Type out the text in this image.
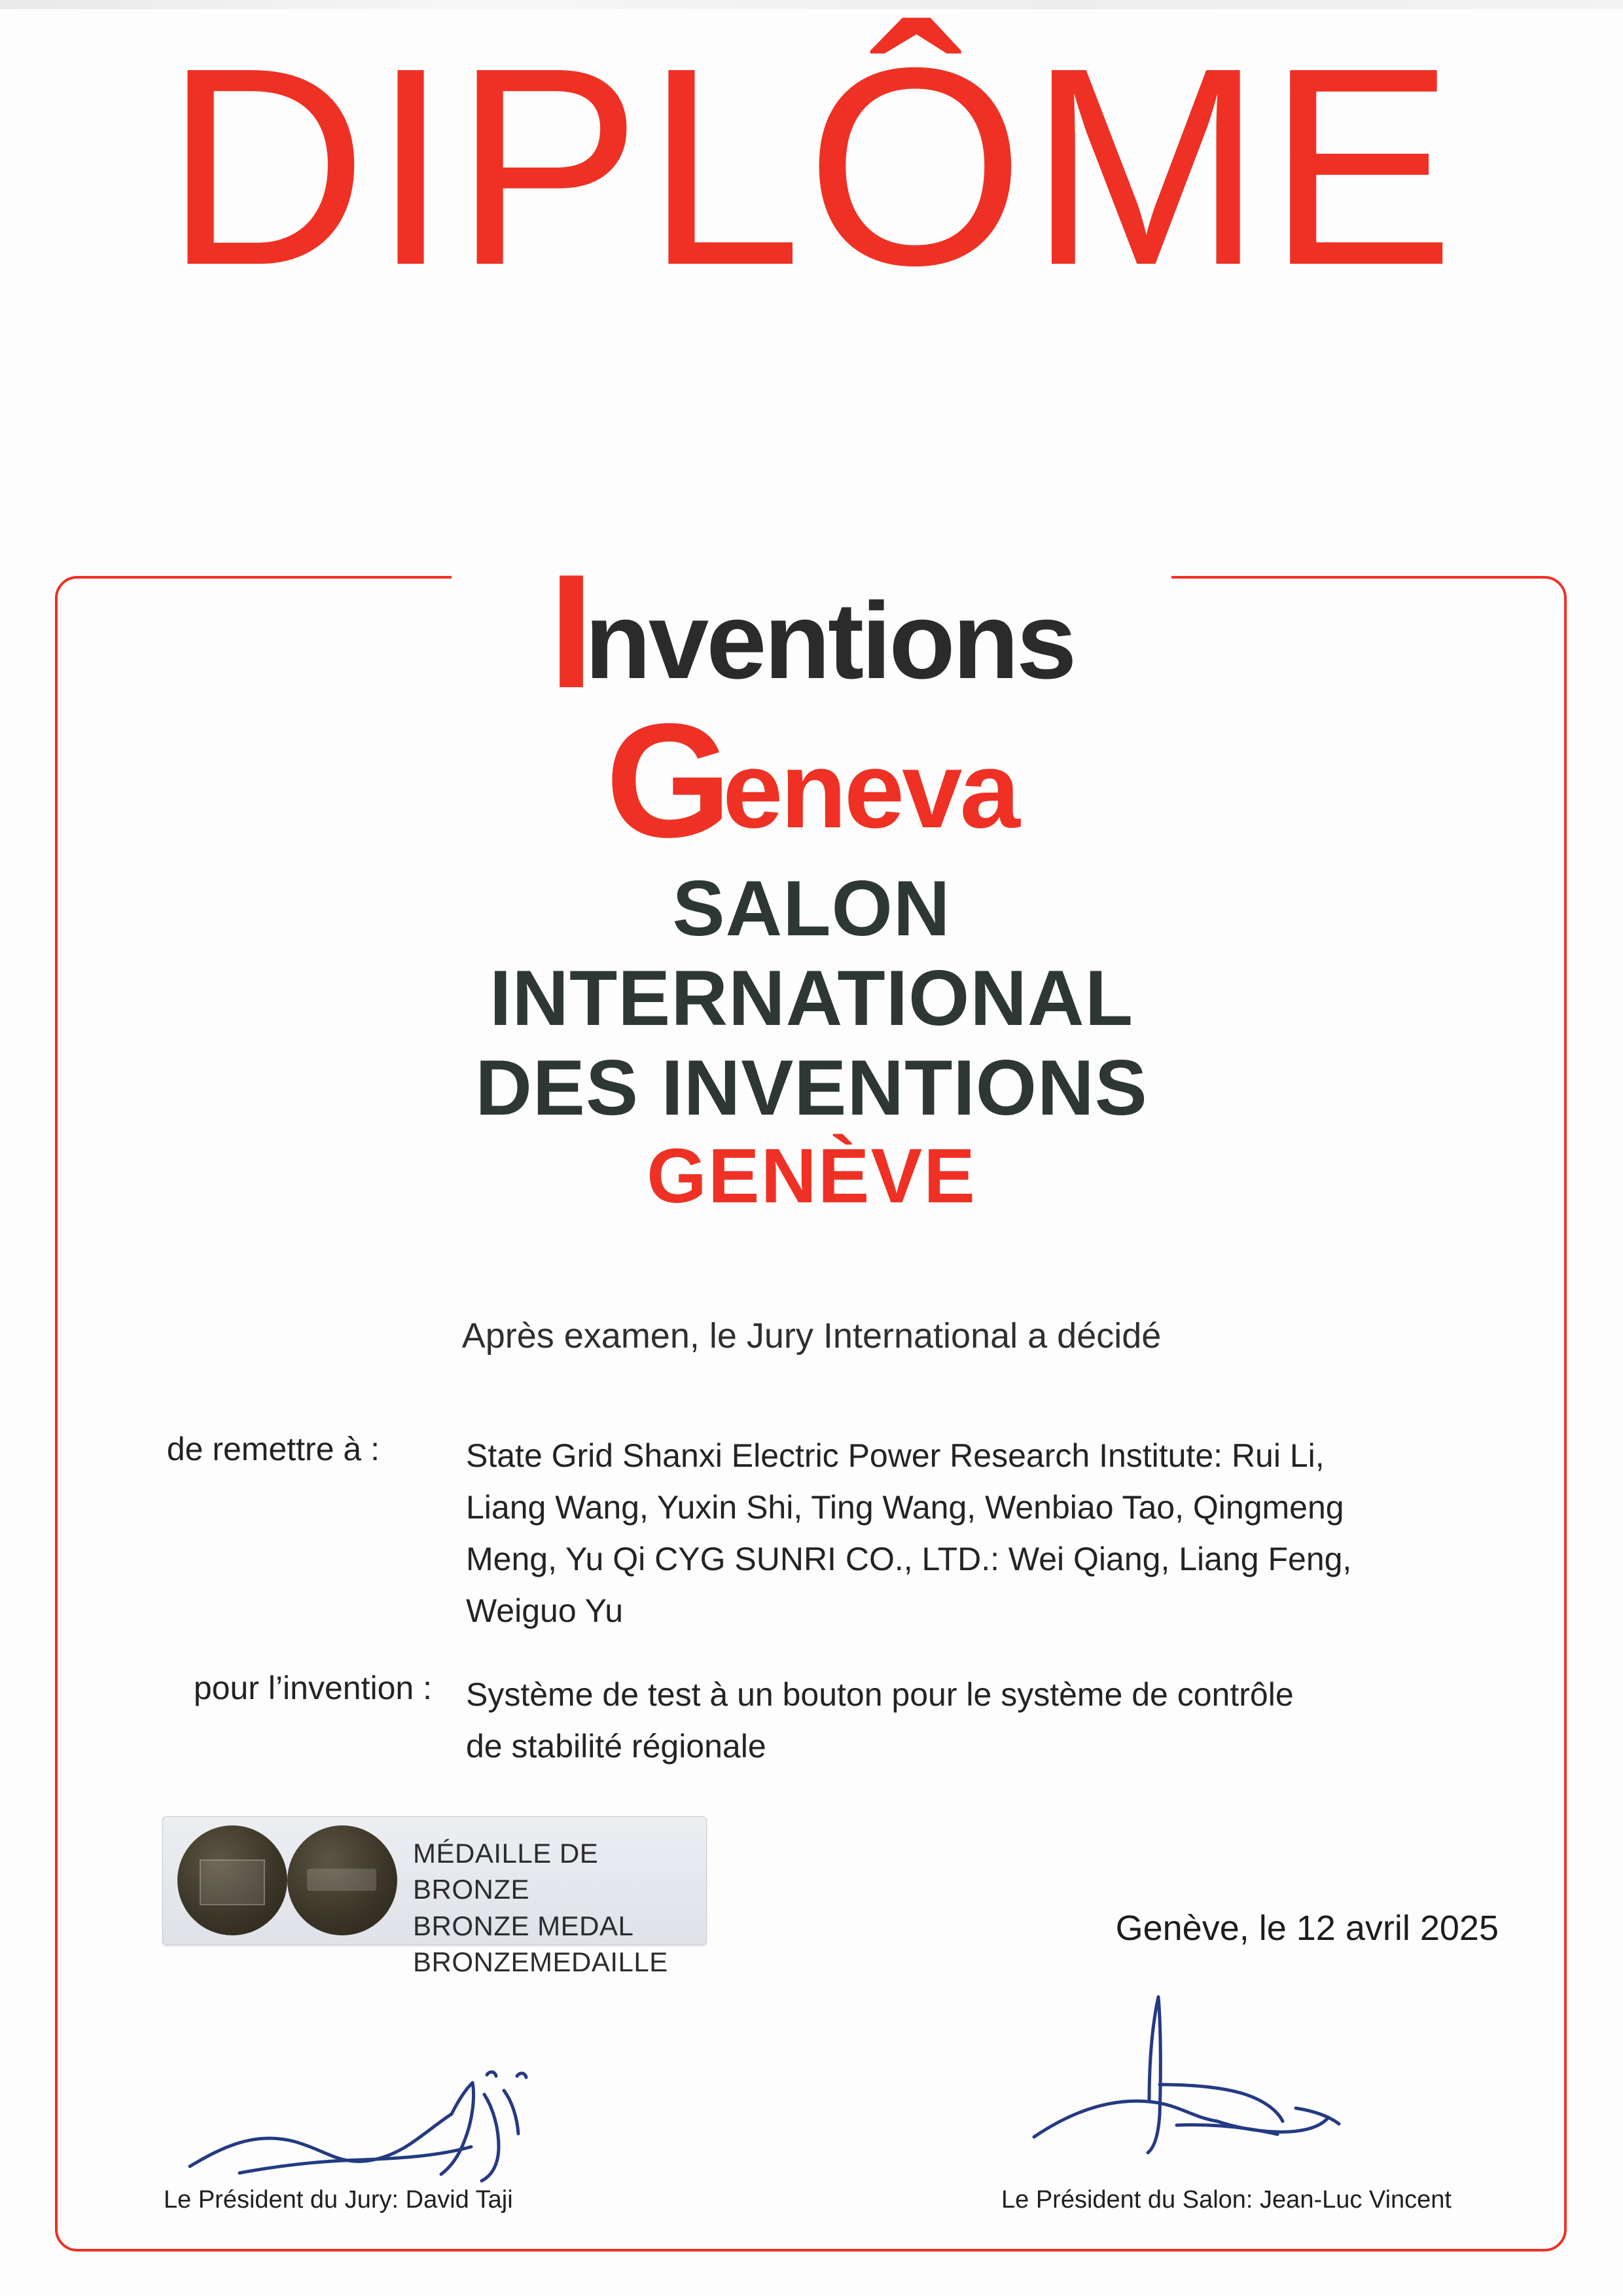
DIPLÔME
Inventions
Geneva
SALON
INTERNATIONAL
DES INVENTIONS
GENÈVE
Après examen, le Jury International a décidé
de remettre à :	State Grid Shanxi Electric Power Research Institute: Rui Li, Liang Wang, Yuxin Shi, Ting Wang, Wenbiao Tao, Qingmeng Meng, Yu Qi CYG SUNRI CO., LTD.: Wei Qiang, Liang Feng, Weiguo Yu
pour l’invention : Système de test à un bouton pour le système de contrôle de stabilité régionale
MÉDAILLE DE BRONZE
BRONZE MEDAL
BRONZEMEDAILLE
Genève, le 12 avril 2025
Le Président du Jury: David Taji	Le Président du Salon: Jean-Luc Vincent
